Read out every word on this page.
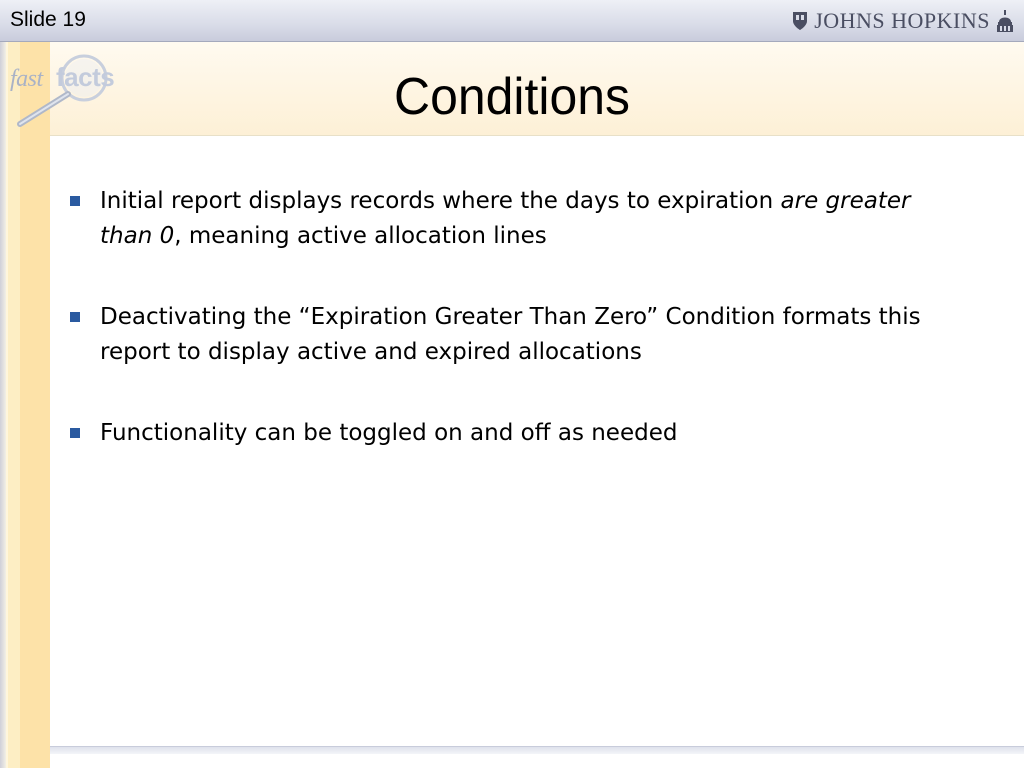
Slide 19	JOHNS HOPKINS
fast facts	Conditions
Initial report displays records where the days to expiration are greater than 0, meaning active allocation lines
Deactivating the “Expiration Greater Than Zero” Condition formats this report to display active and expired allocations
Functionality can be toggled on and off as needed
